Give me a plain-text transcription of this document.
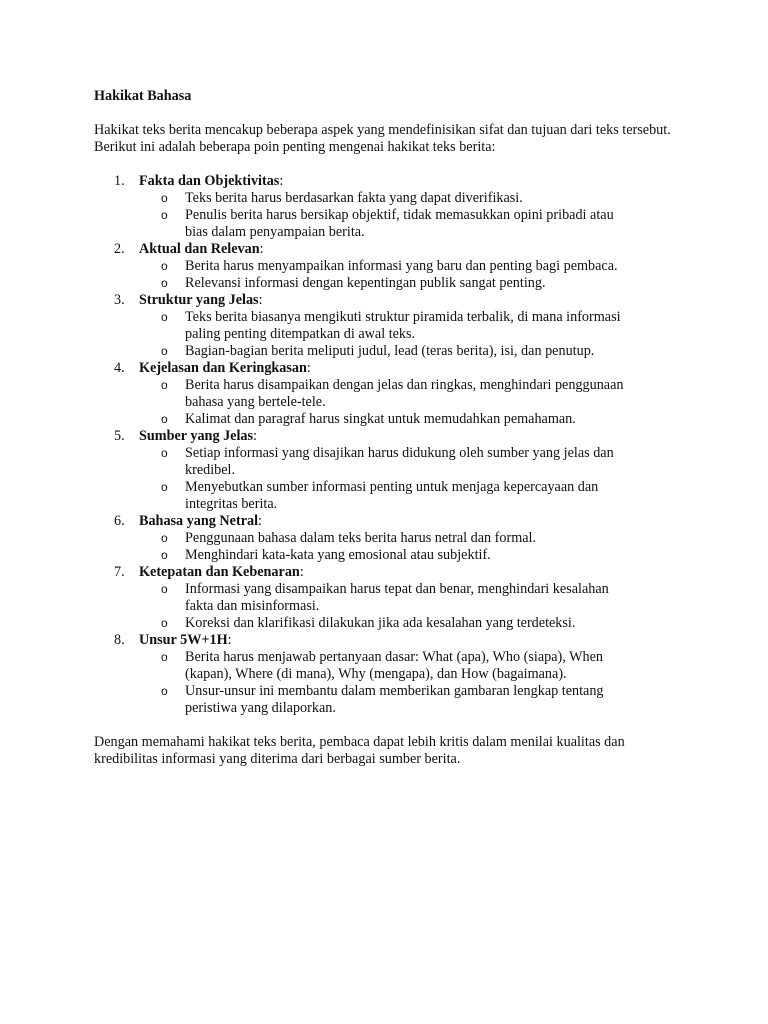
Hakikat Bahasa
Hakikat teks berita mencakup beberapa aspek yang mendefinisikan sifat dan tujuan dari teks tersebut. Berikut ini adalah beberapa poin penting mengenai hakikat teks berita:
1. Fakta dan Objektivitas:
o Teks berita harus berdasarkan fakta yang dapat diverifikasi.
o Penulis berita harus bersikap objektif, tidak memasukkan opini pribadi atau bias dalam penyampaian berita.
2. Aktual dan Relevan:
o Berita harus menyampaikan informasi yang baru dan penting bagi pembaca.
o Relevansi informasi dengan kepentingan publik sangat penting.
3. Struktur yang Jelas:
o Teks berita biasanya mengikuti struktur piramida terbalik, di mana informasi paling penting ditempatkan di awal teks.
o Bagian-bagian berita meliputi judul, lead (teras berita), isi, dan penutup.
4. Kejelasan dan Keringkasan:
o Berita harus disampaikan dengan jelas dan ringkas, menghindari penggunaan bahasa yang bertele-tele.
o Kalimat dan paragraf harus singkat untuk memudahkan pemahaman.
5. Sumber yang Jelas:
o Setiap informasi yang disajikan harus didukung oleh sumber yang jelas dan kredibel.
o Menyebutkan sumber informasi penting untuk menjaga kepercayaan dan integritas berita.
6. Bahasa yang Netral:
o Penggunaan bahasa dalam teks berita harus netral dan formal.
o Menghindari kata-kata yang emosional atau subjektif.
7. Ketepatan dan Kebenaran:
o Informasi yang disampaikan harus tepat dan benar, menghindari kesalahan fakta dan misinformasi.
o Koreksi dan klarifikasi dilakukan jika ada kesalahan yang terdeteksi.
8. Unsur 5W+1H:
o Berita harus menjawab pertanyaan dasar: What (apa), Who (siapa), When (kapan), Where (di mana), Why (mengapa), dan How (bagaimana).
o Unsur-unsur ini membantu dalam memberikan gambaran lengkap tentang peristiwa yang dilaporkan.
Dengan memahami hakikat teks berita, pembaca dapat lebih kritis dalam menilai kualitas dan kredibilitas informasi yang diterima dari berbagai sumber berita.
